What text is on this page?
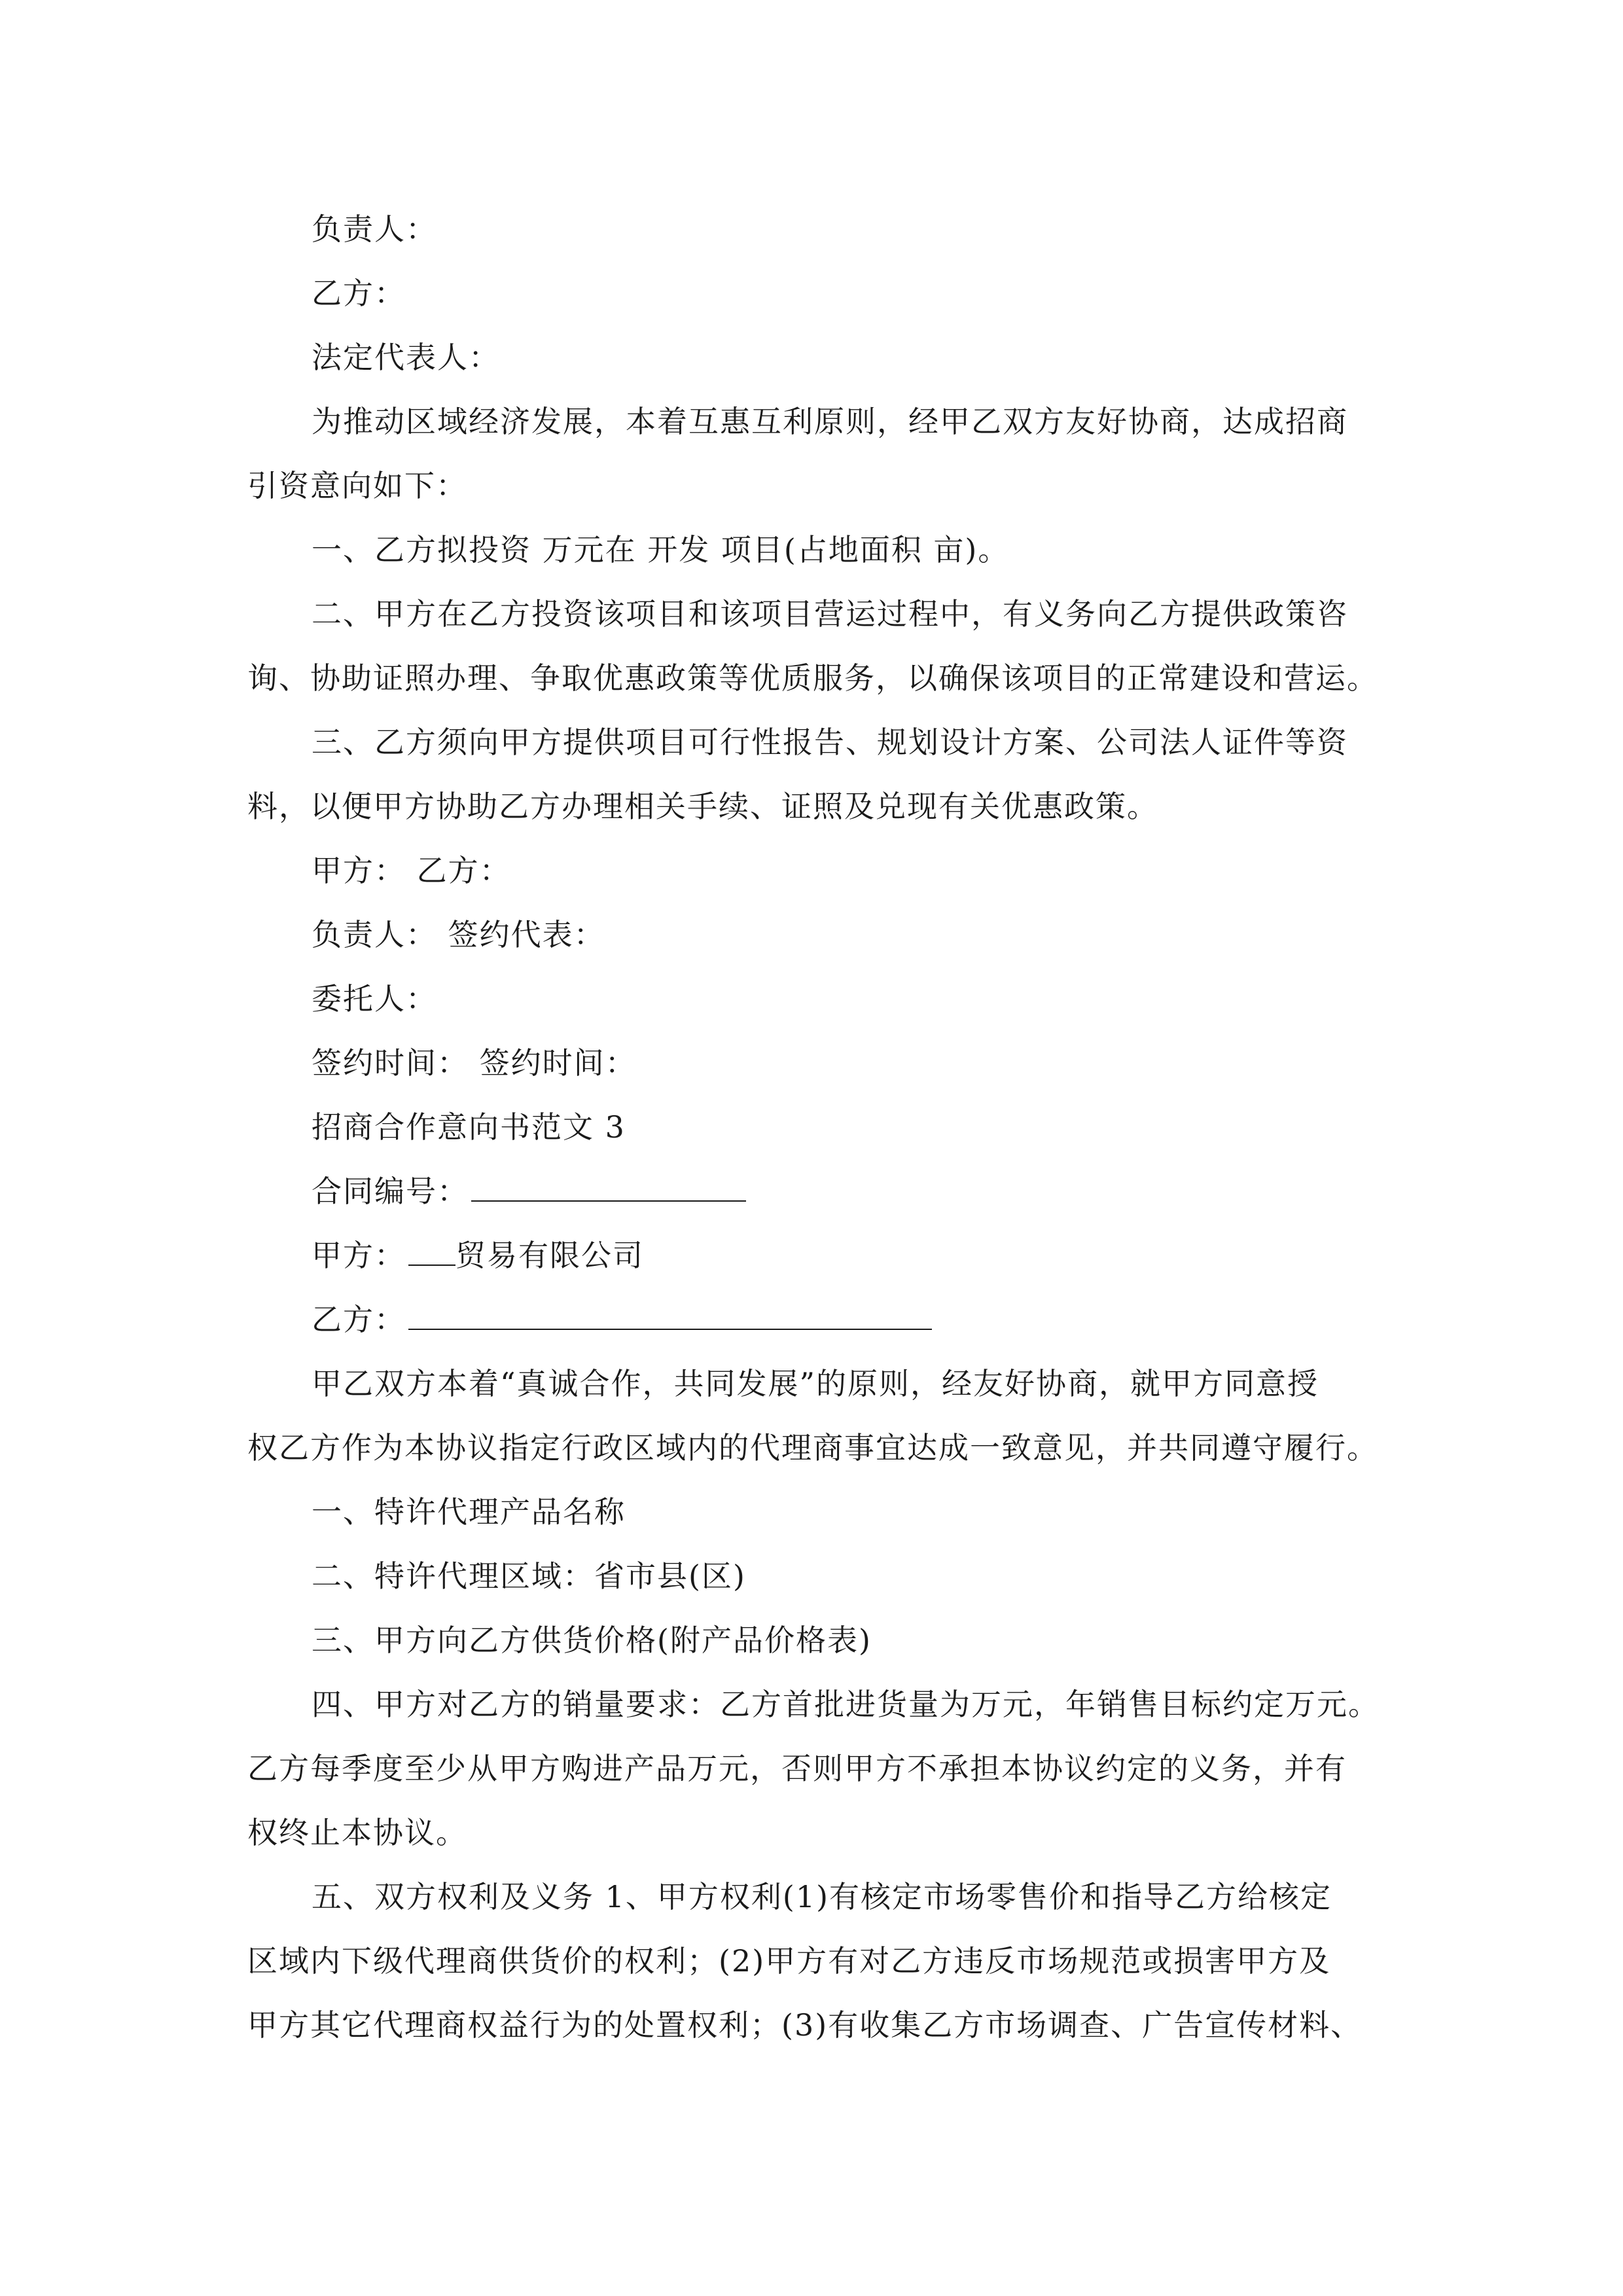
负责人：
乙方：
法定代表人：
为推动区域经济发展，本着互惠互利原则，经甲乙双方友好协商，达成招商
引资意向如下：
一、乙方拟投资 万元在 开发 项目(占地面积 亩)。
二、甲方在乙方投资该项目和该项目营运过程中，有义务向乙方提供政策咨
询、协助证照办理、争取优惠政策等优质服务，以确保该项目的正常建设和营运。
三、乙方须向甲方提供项目可行性报告、规划设计方案、公司法人证件等资
料，以便甲方协助乙方办理相关手续、证照及兑现有关优惠政策。
甲方： 乙方：
负责人： 签约代表：
委托人：
签约时间： 签约时间：
招商合作意向书范文 3
合同编号：
甲方： 贸易有限公司
乙方：
甲乙双方本着“真诚合作，共同发展”的原则，经友好协商，就甲方同意授
权乙方作为本协议指定行政区域内的代理商事宜达成一致意见，并共同遵守履行。
一、特许代理产品名称
二、特许代理区域：省市县(区)
三、甲方向乙方供货价格(附产品价格表)
四、甲方对乙方的销量要求：乙方首批进货量为万元，年销售目标约定万元。
乙方每季度至少从甲方购进产品万元，否则甲方不承担本协议约定的义务，并有
权终止本协议。
五、双方权利及义务 1、甲方权利(1)有核定市场零售价和指导乙方给核定
区域内下级代理商供货价的权利；(2)甲方有对乙方违反市场规范或损害甲方及
甲方其它代理商权益行为的处置权利；(3)有收集乙方市场调查、广告宣传材料、
